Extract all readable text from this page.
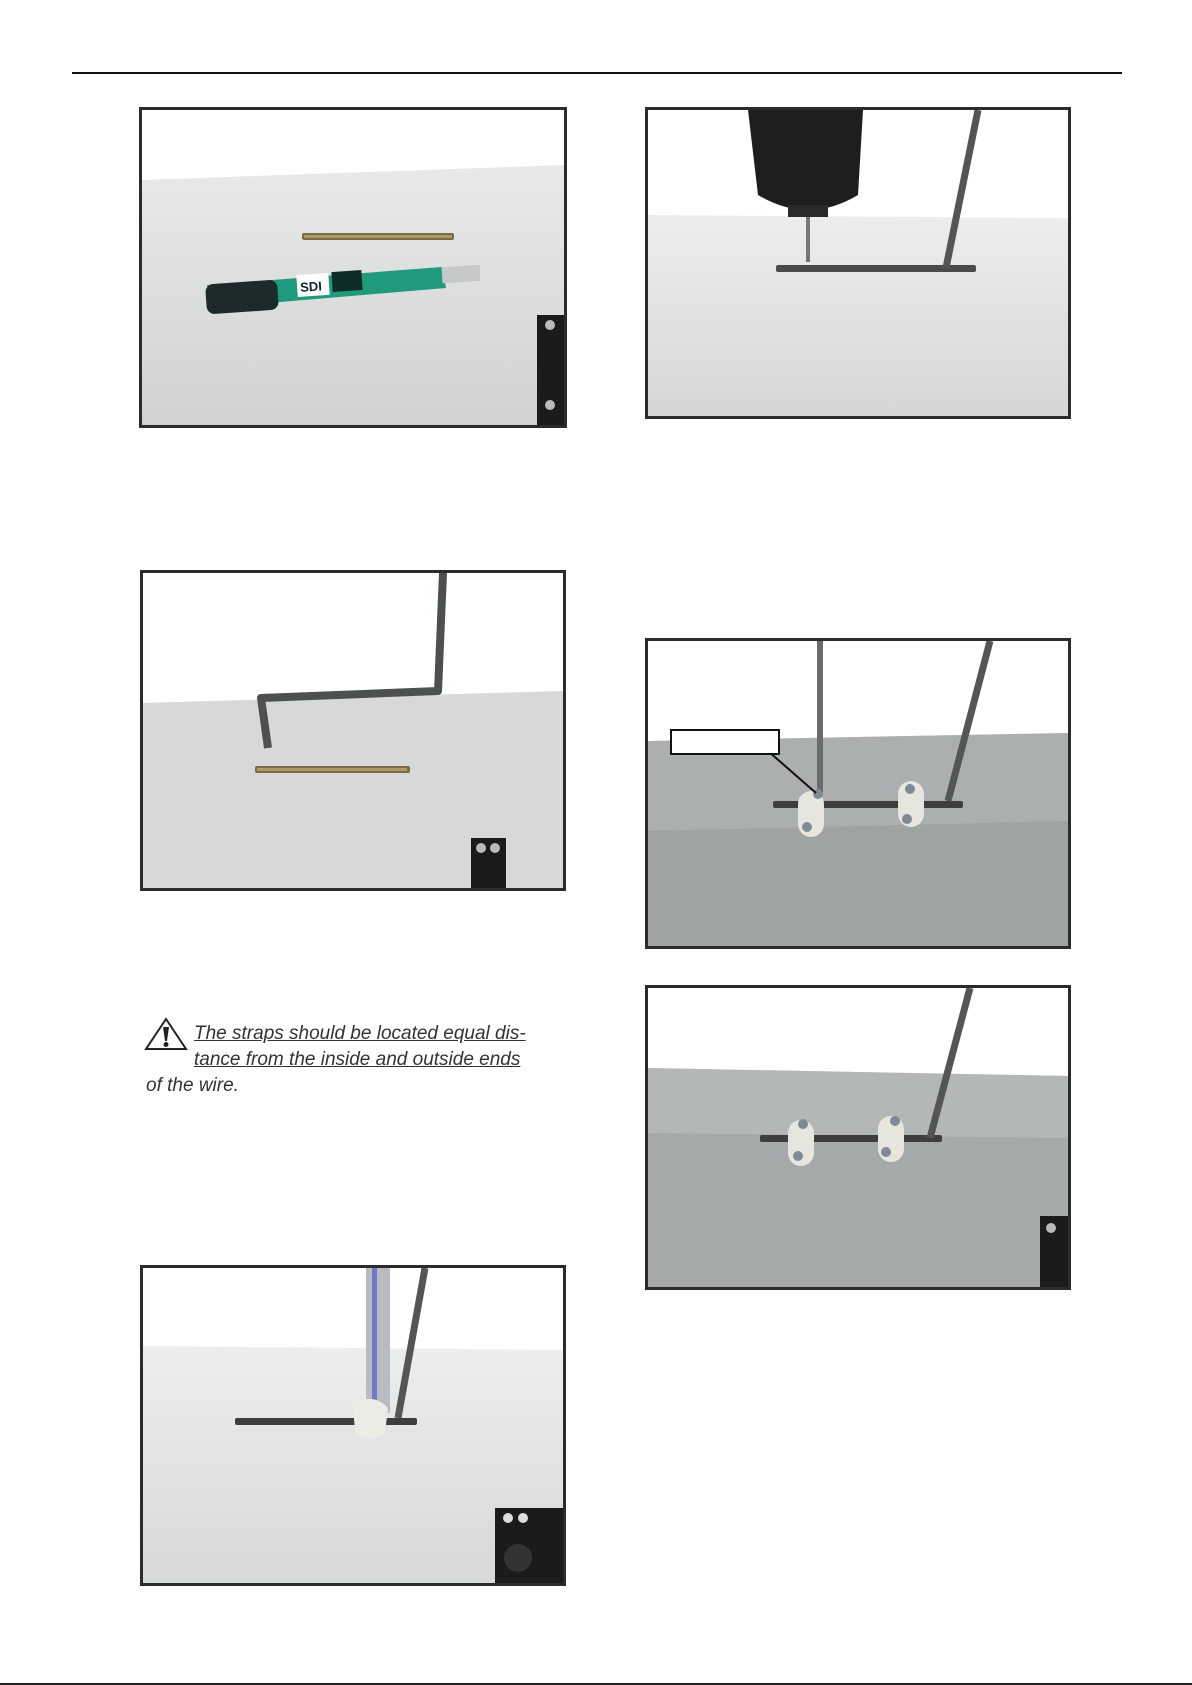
SDI
The straps should be located equal dis-
tance from the inside and outside ends
of the wire.
